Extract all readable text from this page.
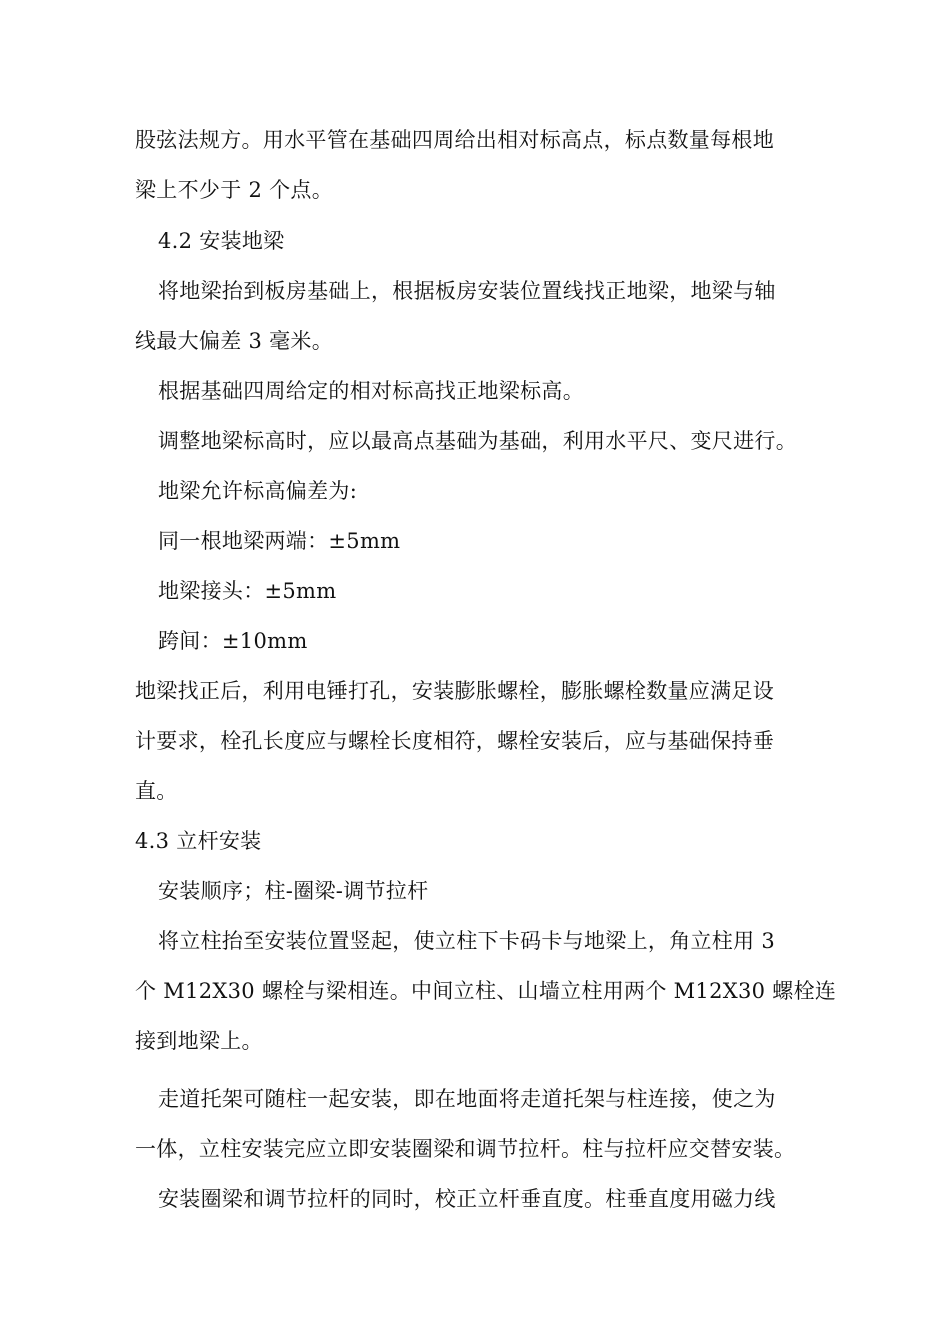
股弦法规方。用水平管在基础四周给出相对标高点，标点数量每根地
梁上不少于 2 个点。
4.2 安装地梁
将地梁抬到板房基础上，根据板房安装位置线找正地梁，地梁与轴
线最大偏差 3 毫米。
根据基础四周给定的相对标高找正地梁标高。
调整地梁标高时，应以最高点基础为基础，利用水平尺、变尺进行。
地梁允许标高偏差为:
同一根地梁两端：±5mm
地梁接头：±5mm
跨间：±10mm
地梁找正后，利用电锤打孔，安装膨胀螺栓，膨胀螺栓数量应满足设
计要求，栓孔长度应与螺栓长度相符，螺栓安装后，应与基础保持垂
直。
4.3 立杆安装
安装顺序；柱-圈梁-调节拉杆
将立柱抬至安装位置竖起，使立柱下卡码卡与地梁上，角立柱用 3
个 M12X30 螺栓与梁相连。中间立柱、山墙立柱用两个 M12X30 螺栓连
接到地梁上。
走道托架可随柱一起安装，即在地面将走道托架与柱连接，使之为
一体，立柱安装完应立即安装圈梁和调节拉杆。柱与拉杆应交替安装。
安装圈梁和调节拉杆的同时，校正立杆垂直度。柱垂直度用磁力线
